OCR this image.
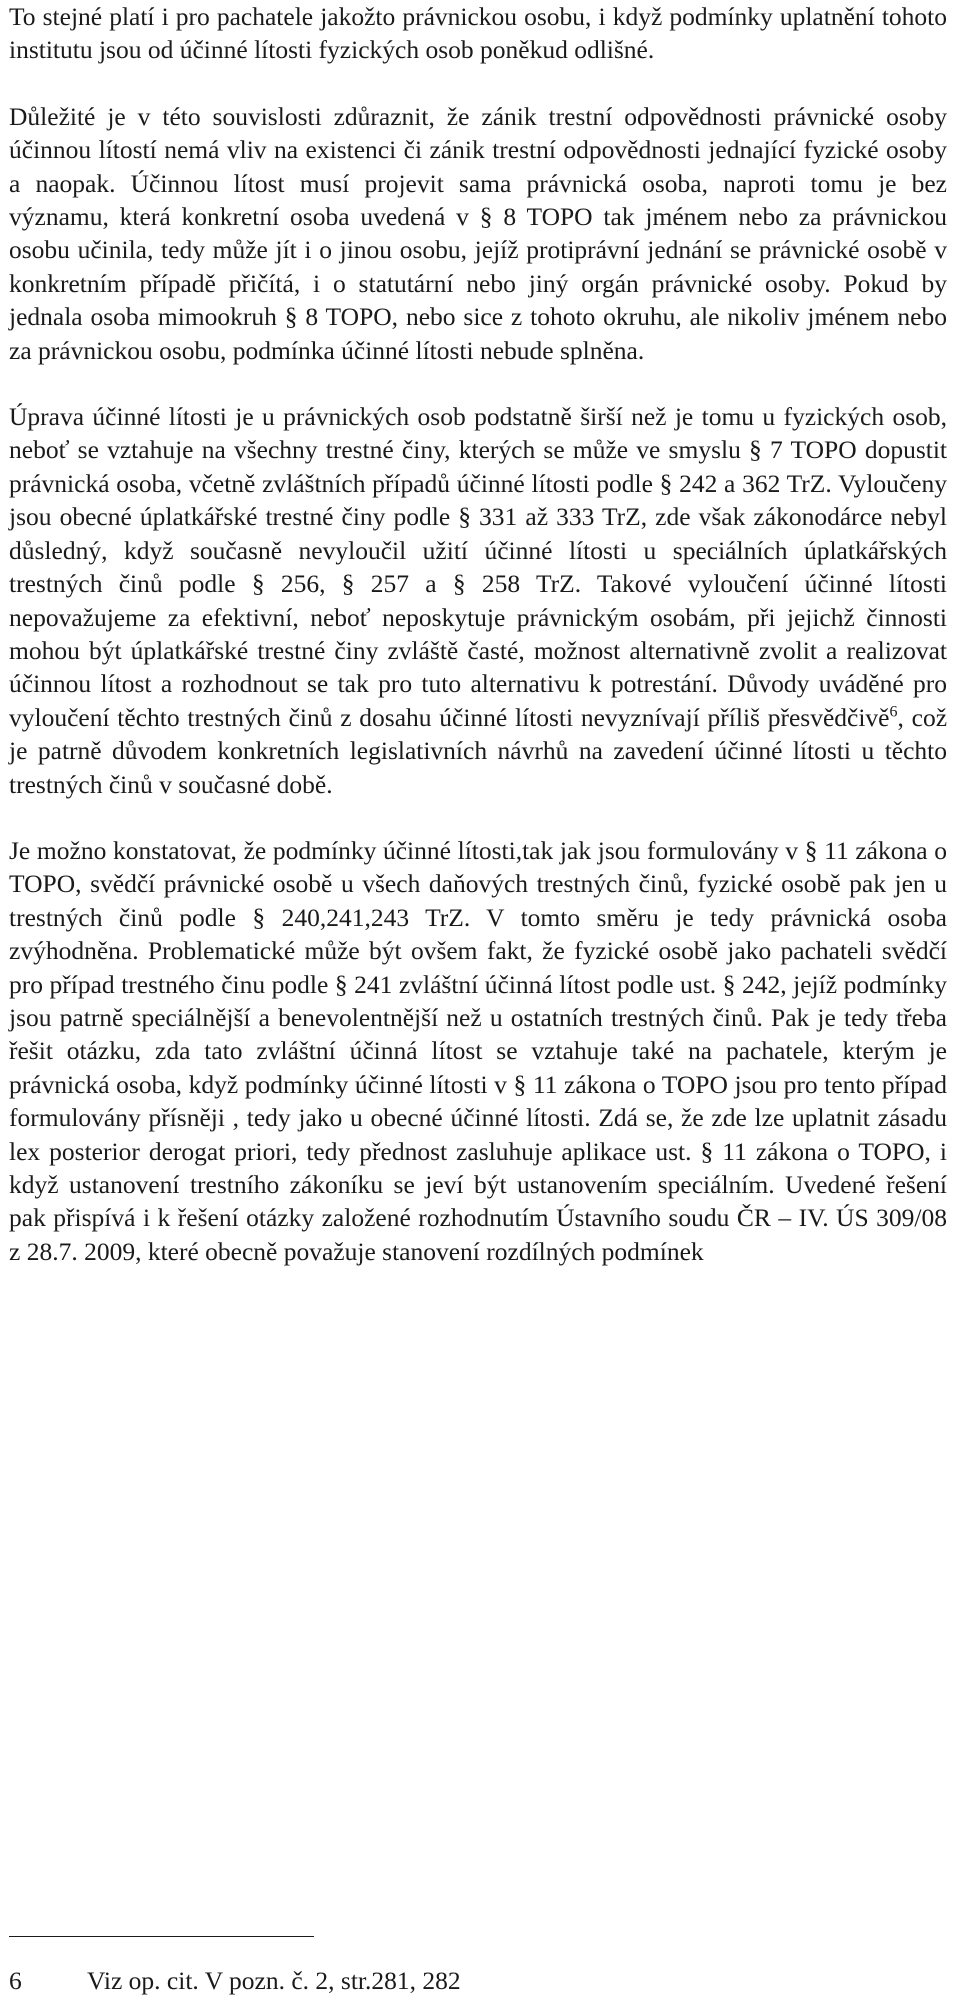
To stejné platí i pro pachatele jakožto právnickou osobu, i když podmínky uplatnění tohoto institutu jsou od účinné lítosti fyzických osob poněkud odlišné.

Důležité je v této souvislosti zdůraznit, že zánik trestní odpovědnosti právnické osoby účinnou lítostí nemá vliv na existenci či zánik trestní odpovědnosti jednající fyzické osoby a naopak. Účinnou lítost musí projevit sama právnická osoba, naproti tomu je bez významu, která konkretní osoba uvedená v § 8 TOPO tak jménem nebo za právnickou osobu učinila, tedy může jít i o jinou osobu, jejíž protiprávní jednání se právnické osobě v konkretním případě přičítá, i o statutární nebo jiný orgán právnické osoby. Pokud by jednala osoba mimookruh § 8 TOPO, nebo sice z tohoto okruhu, ale nikoliv jménem nebo za právnickou osobu, podmínka účinné lítosti nebude splněna.

Úprava účinné lítosti je u právnických osob podstatně širší než je tomu u fyzických osob, neboť se vztahuje na všechny trestné činy, kterých se může ve smyslu § 7 TOPO dopustit právnická osoba, včetně zvláštních případů účinné lítosti podle § 242 a 362 TrZ. Vyloučeny jsou obecné úplatkářské trestné činy podle § 331 až 333 TrZ, zde však zákonodárce nebyl důsledný, když současně nevyloučil užití účinné lítosti u speciálních úplatkářských trestných činů podle § 256, § 257 a § 258 TrZ. Takové vyloučení účinné lítosti nepovažujeme za efektivní, neboť neposkytuje právnickým osobám, při jejichž činnosti mohou být úplatkářské trestné činy zvláště časté, možnost alternativně zvolit a realizovat účinnou lítost a rozhodnout se tak pro tuto alternativu k potrestání. Důvody uváděné pro vyloučení těchto trestných činů z dosahu účinné lítosti nevyznívají příliš přesvědčivě$^6$, což je patrně důvodem konkretních legislativních návrhů na zavedení účinné lítosti u těchto trestných činů v současné době.

Je možno konstatovat, že podmínky účinné lítosti,tak jak jsou formulovány v § 11 zákona o TOPO, svědčí právnické osobě u všech daňových trestných činů, fyzické osobě pak jen u trestných činů podle § 240,241,243 TrZ. V tomto směru je tedy právnická osoba zvýhodněna. Problematické může být ovšem fakt, že fyzické osobě jako pachateli svědčí pro případ trestného činu podle § 241 zvláštní účinná lítost podle ust. § 242, jejíž podmínky jsou patrně speciálnější a benevolentnější než u ostatních trestných činů. Pak je tedy třeba řešit otázku, zda tato zvláštní účinná lítost se vztahuje také na pachatele, kterým je právnická osoba, když podmínky účinné lítosti v § 11 zákona o TOPO jsou pro tento případ formulovány přísněji , tedy jako u obecné účinné lítosti. Zdá se, že zde lze uplatnit zásadu lex posterior derogat priori, tedy přednost zasluhuje aplikace ust. § 11 zákona o TOPO, i když ustanovení trestního zákoníku se jeví být ustanovením speciálním. Uvedené řešení pak přispívá i k řešení otázky založené rozhodnutím Ústavního soudu ČR – IV. ÚS 309/08 z 28.7. 2009, které obecně považuje stanovení rozdílných podmínek

6	Viz op. cit. V pozn. č. 2, str.281, 282
